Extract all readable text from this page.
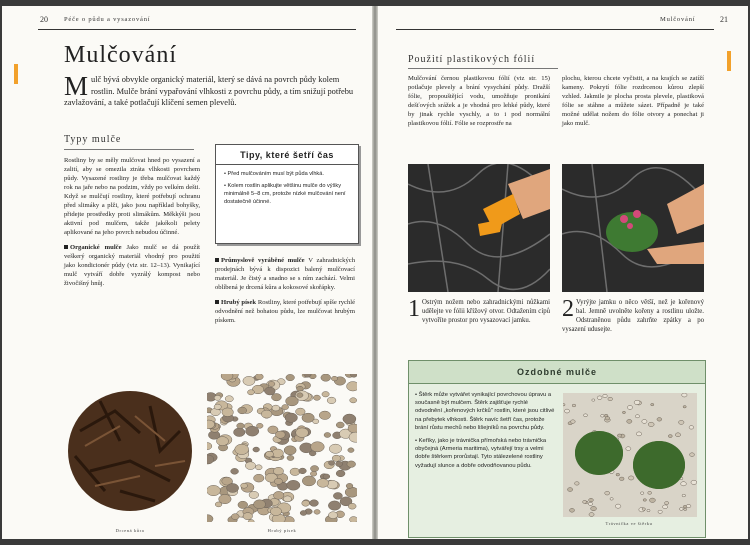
20 Péče o půdu a vysazování
Mulčování
Mulč bývá obvykle organický materiál, který se dává na povrch půdy kolem rostlin. Mulče brání vypařování vlhkosti z povrchu půdy, a tím snižují potřebu zavlažování, a také potlačují klíčení semen plevelů.
Typy mulče

Rostliny by se měly mulčovat hned po vysazení a zalití, aby se omezila ztráta vlhkosti povrchem půdy. Vysazené rostliny je třeba mulčovat každý rok na jaře nebo na podzim, vždy po velkém dešti. Když se mulčují rostliny, které potřebují ochranu před slimáky a plži, jako jsou například bohyšky, přidejte prostředky proti slimákům. Měkkýši jsou aktivní pod mulčem, takže jakékoli pelety aplikované na jeho povrch nebudou účinné.

Organické mulče Jako mulč se dá použít veškerý organický materiál vhodný pro použití jako kondicionér půdy (viz str. 12–13). Vynikající mulč vytváří dobře vyzrálý kompost nebo živočišný hnůj.

Tipy, které šetří čas
• Před mulčováním musí být půda vlhká.
• Kolem rostlin aplikujte většinu mulče do výšky minimálně 5–8 cm, protože nízké mulčování není dostatečně účinné.

Průmyslově vyráběné mulče V zahradnických prodejnách bývá k dispozici balený mulčovací materiál. Je čistý a snadno se s ním zachází. Velmi oblíbená je drcená kůra a kokosové skořápky.

Hrubý písek Rostliny, které potřebují spíše rychlé odvodnění než bohatou půdu, lze mulčovat hrubým pískem.

Drcená kůra	Hrubý písek
Mulčování	21
Použití plastikových fólií
Mulčování černou plastikovou fólií (viz str. 15) potlačuje plevely a brání vysychání půdy. Dražší fólie, propouštějící vodu, umožňuje pronikání dešťových srážek a je vhodná pro lehké půdy, které by jinak rychle vyschly, a to i pod normální plastikovou fólií. Fólie se rozprostře na
plochu, kterou chcete vyčistit, a na krajích se zatíží kameny. Pokrytí fólie rozdrcenou kůrou zlepší vzhled. Jakmile je plocha prosta plevele, plastiková fólie se stáhne a můžete sázet. Případně je také možné udělat nožem do fólie otvory a ponechat ji jako mulč.
1 Ostrým nožem nebo zahradnickými nůžkami udělejte ve fólii křížový otvor. Odtažením cípů vytvoříte prostor pro vysazovací jamku.	2 Vyrýjte jamku o něco větší, než je kořenový bal. Jemně uvolněte kořeny a rostlinu uložte. Odstraněnou půdu zahrňte zpátky a po vysazení udusejte.
Ozdobné mulče
• Štěrk může vytvářet vynikající povrchovou úpravu a současně být mulčem. Štěrk zajišťuje rychlé odvodnění „kořenových krčků" rostlin, které jsou citlivé na přebytek vlhkosti. Štěrk navíc šetří čas, protože brání růstu mechů nebo lišejníků na povrchu půdy.
• Keříky, jako je trávnička přímořská nebo trávnička obyčejná (Armeria maritima), vytvářejí trsy a velmi dobře štěrkem prorůstají. Tyto stálezelené rostliny vyžadují slunce a dobře odvodňovanou půdu.
Trávnička ve štěrku
